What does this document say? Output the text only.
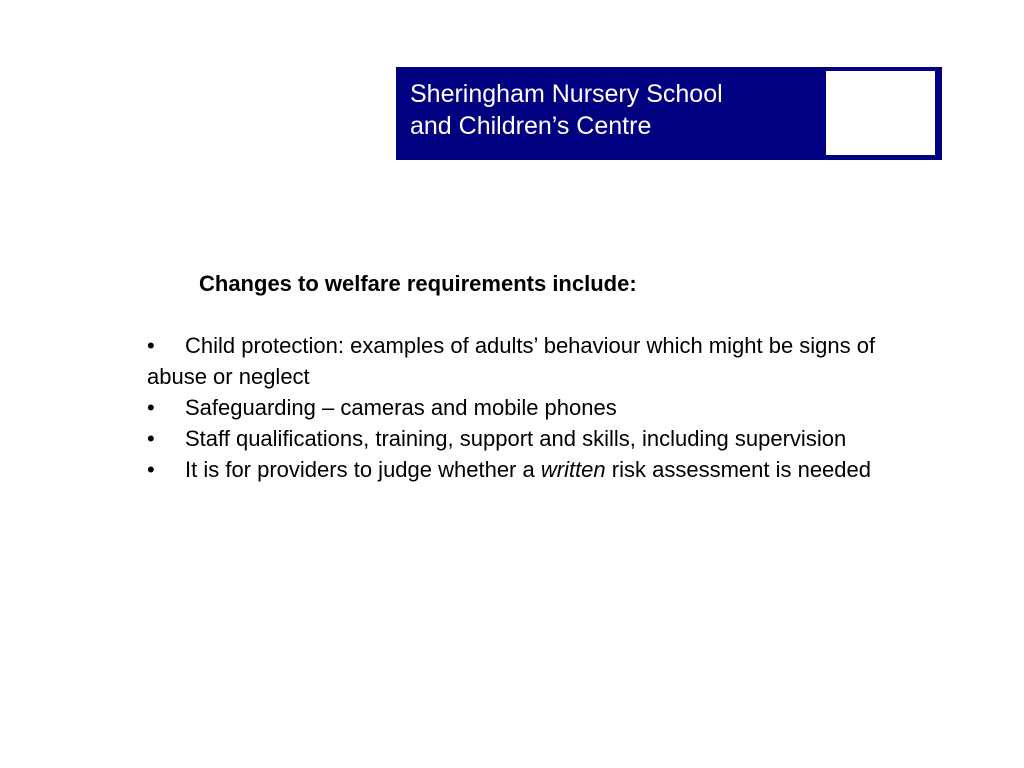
Sheringham Nursery School
and Children’s Centre

Changes to welfare requirements include:

• Child protection: examples of adults’ behaviour which might be signs of abuse or neglect
• Safeguarding – cameras and mobile phones
• Staff qualifications, training, support and skills, including supervision
• It is for providers to judge whether a written risk assessment is needed
